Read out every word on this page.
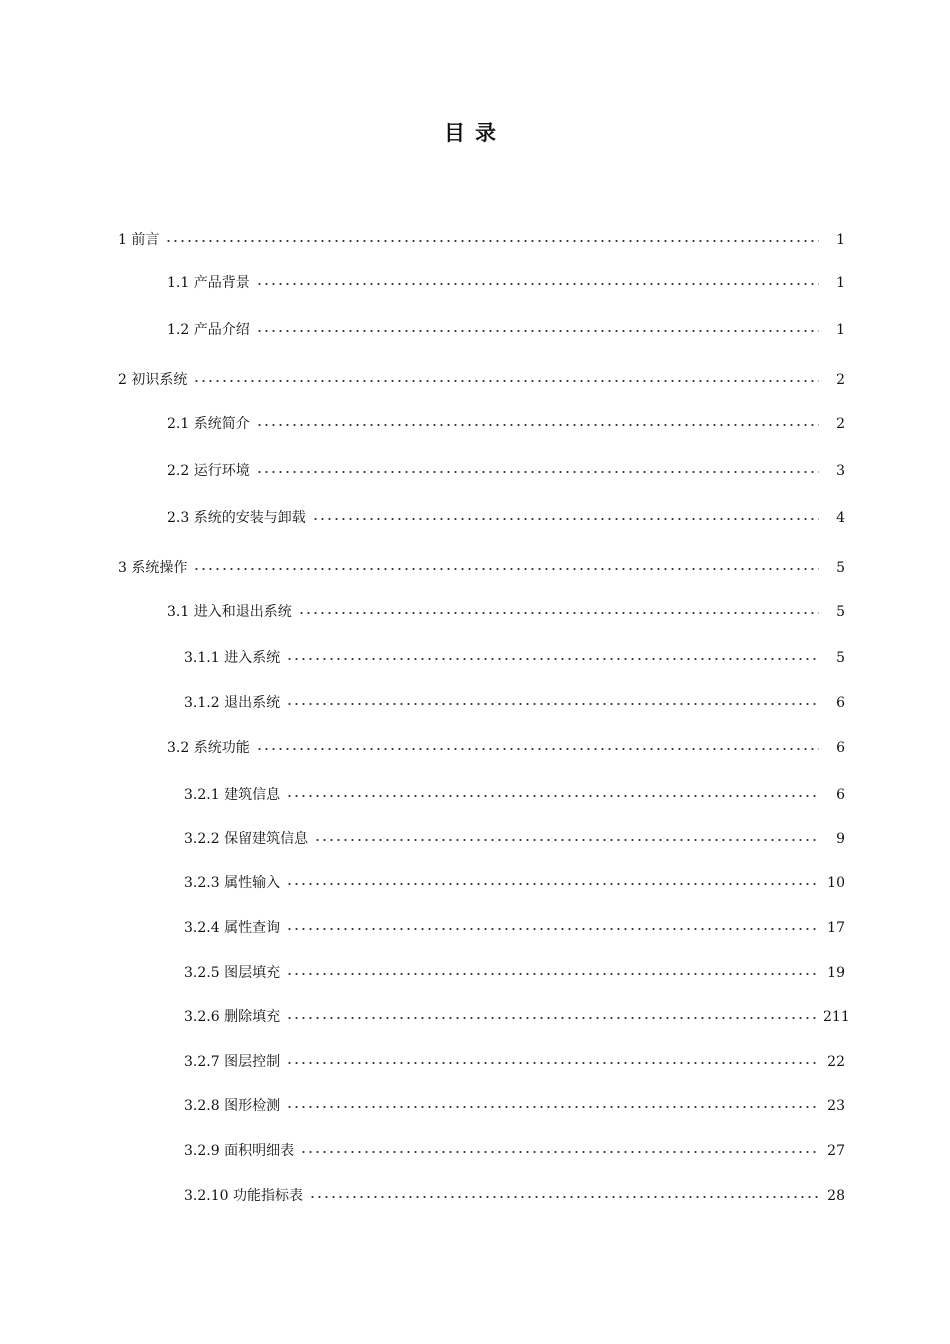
目录
1 前言	1
1.1 产品背景	1
1.2 产品介绍	1
2 初识系统	2
2.1 系统简介	2
2.2 运行环境	3
2.3 系统的安装与卸载	4
3 系统操作	5
3.1 进入和退出系统	5
3.1.1 进入系统	5
3.1.2 退出系统	6
3.2 系统功能	6
3.2.1 建筑信息	6
3.2.2 保留建筑信息	9
3.2.3 属性输入	10
3.2.4 属性查询	17
3.2.5 图层填充	19
3.2.6 删除填充	211
3.2.7 图层控制	22
3.2.8 图形检测	23
3.2.9 面积明细表	27
3.2.10 功能指标表	28
